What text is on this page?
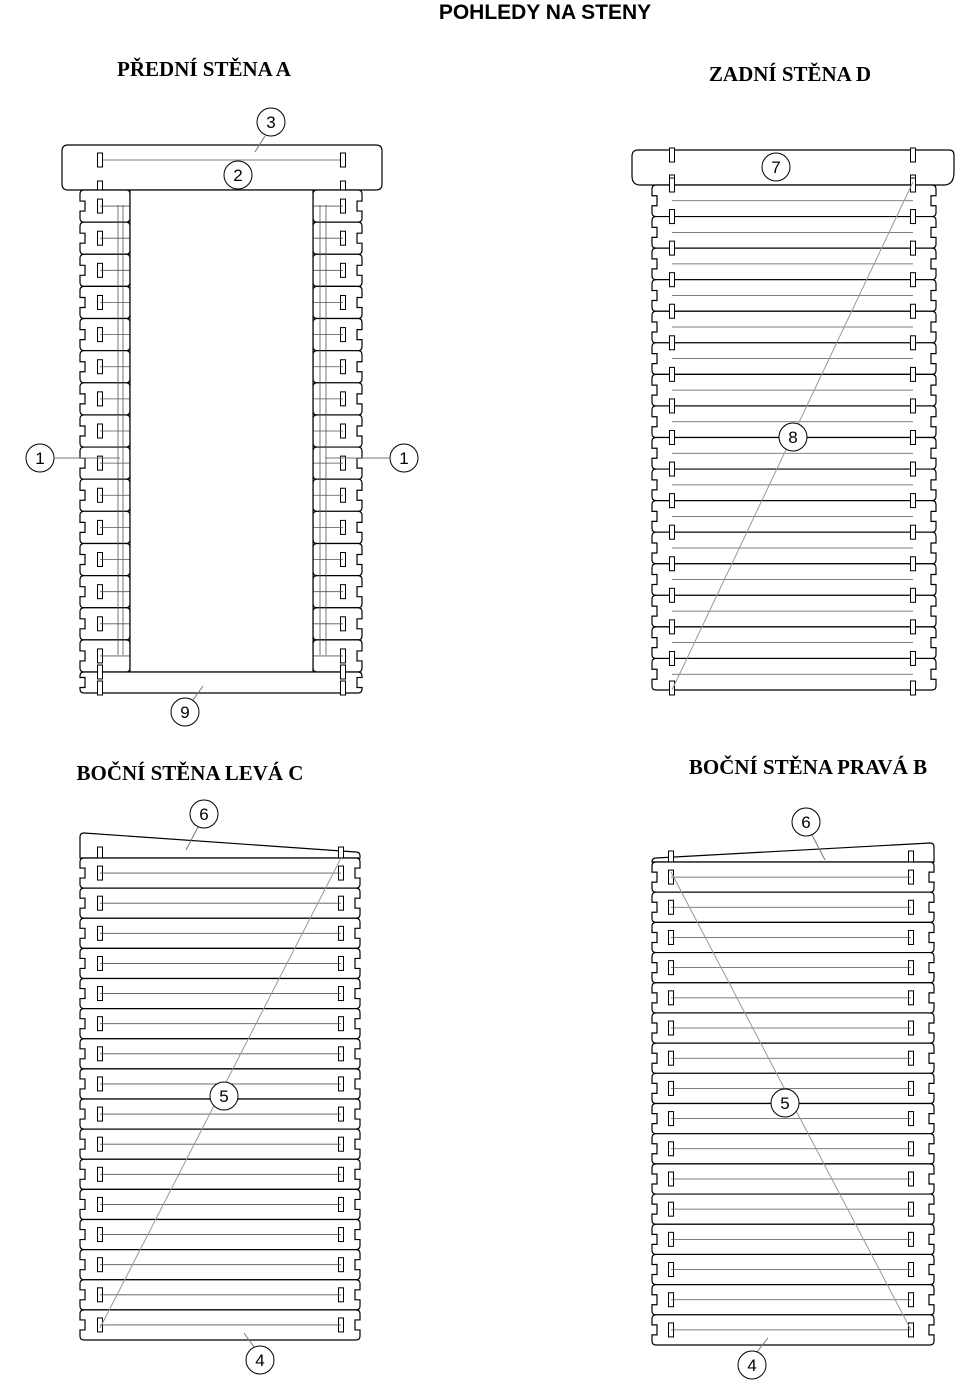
POHLEDY NA STENY
PŘEDNÍ STĚNA A	ZADNÍ STĚNA D
BOČNÍ STĚNA LEVÁ C	BOČNÍ STĚNA PRAVÁ B
1	1
3
2
9
7
8
6
5
4
6
5
4
